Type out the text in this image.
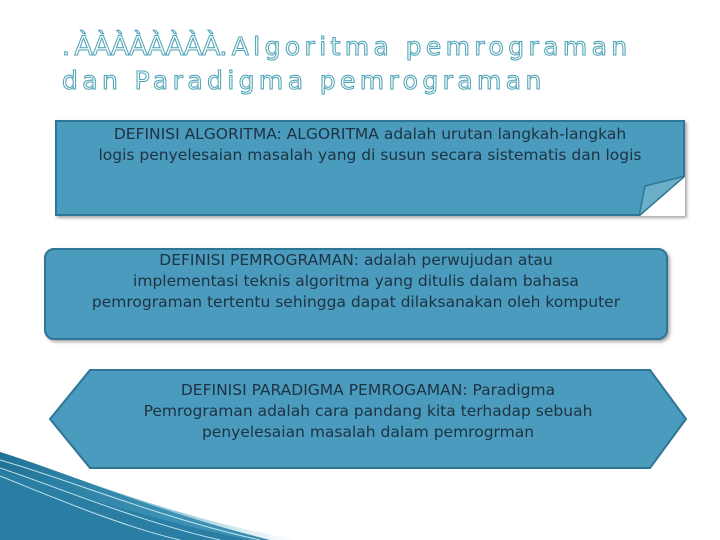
.ÀÀÀÀÀÀÀÀ.Algoritma pemrograman
dan Paradigma pemrograman
DEFINISI ALGORITMA: ALGORITMA adalah urutan langkah-langkah
logis penyelesaian masalah yang di susun secara sistematis dan logis
DEFINISI PEMROGRAMAN: adalah perwujudan atau
implementasi teknis algoritma yang ditulis dalam bahasa
pemrograman tertentu sehingga dapat dilaksanakan oleh komputer
DEFINISI PARADIGMA PEMROGAMAN: Paradigma
Pemrograman adalah cara pandang kita terhadap sebuah
penyelesaian masalah dalam pemrogrman
